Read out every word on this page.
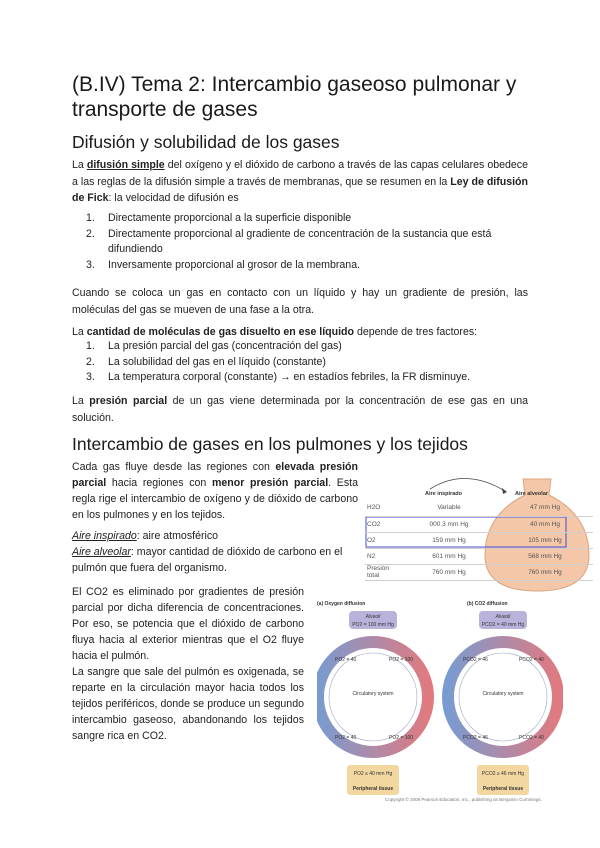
(B.IV) Tema 2: Intercambio gaseoso pulmonar y transporte de gases
Difusión y solubilidad de los gases
La difusión simple del oxígeno y el dióxido de carbono a través de las capas celulares obedece a las reglas de la difusión simple a través de membranas, que se resumen en la Ley de difusión de Fick: la velocidad de difusión es
1. Directamente proporcional a la superficie disponible
2. Directamente proporcional al gradiente de concentración de la sustancia que está difundiendo
3. Inversamente proporcional al grosor de la membrana.
Cuando se coloca un gas en contacto con un líquido y hay un gradiente de presión, las moléculas del gas se mueven de una fase a la otra.
La cantidad de moléculas de gas disuelto en ese líquido depende de tres factores:
1. La presión parcial del gas (concentración del gas)
2. La solubilidad del gas en el líquido (constante)
3. La temperatura corporal (constante) → en estadíos febriles, la FR disminuye.
La presión parcial de un gas viene determinada por la concentración de ese gas en una solución.
Intercambio de gases en los pulmones y los tejidos
Cada gas fluye desde las regiones con elevada presión parcial hacia regiones con menor presión parcial. Esta regla rige el intercambio de oxígeno y de dióxido de carbono en los pulmones y en los tejidos.
Aire inspirado: aire atmosférico
Aire alveolar: mayor cantidad de dióxido de carbono en el pulmón que fuera del organismo.
El CO2 es eliminado por gradientes de presión parcial por dicha diferencia de concentraciones. Por eso, se potencia que el dióxido de carbono fluya hacia al exterior mientras que el O2 fluye hacia el pulmón.
La sangre que sale del pulmón es oxigenada, se reparte en la circulación mayor hacia todos los tejidos periféricos, donde se produce un segundo intercambio gaseoso, abandonando los tejidos sangre rica en CO2.
Aire inspirado	Aire alveolar
H2O	Variable	47 mm Hg
CO2	000.3 mm Hg	40 mm Hg
O2	159 mm Hg	105 mm Hg
N2	601 mm Hg	568 mm Hg
Presión total	760 mm Hg	760 mm Hg
(a) Oxygen diffusion
Alveoli
PO2 = 100 mm Hg
Circulatory system
PO2 = 40	PO2 = 100
PO2 = 40	PO2 = 100
PO2 ≤ 40 mm Hg
Peripheral tissue
(b) CO2 diffusion
Alveoli
PCO2 = 40 mm Hg
Circulatory system
PCO2 = 46	PCO2 = 40
PCO2 = 46	PCO2 = 40
PCO2 ≥ 46 mm Hg
Peripheral tissue
Copyright © 2009 Pearson Education, Inc., publishing as Benjamin Cummings.
